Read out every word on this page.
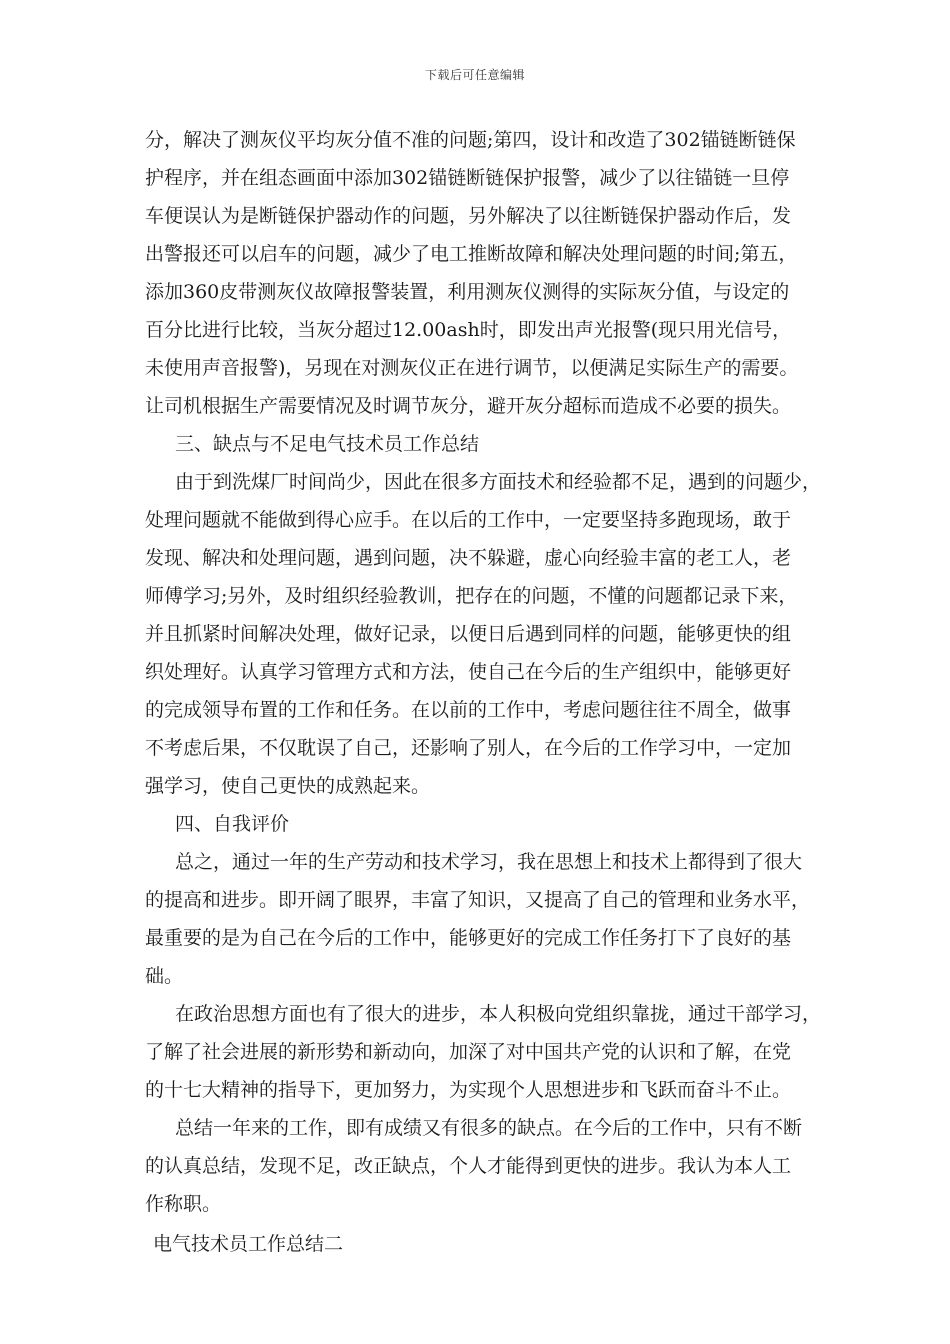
下载后可任意编辑
分，解决了测灰仪平均灰分值不准的问题;第四，设计和改造了302锚链断链保
护程序，并在组态画面中添加302锚链断链保护报警，减少了以往锚链一旦停
车便误认为是断链保护器动作的问题，另外解决了以往断链保护器动作后，发
出警报还可以启车的问题，减少了电工推断故障和解决处理问题的时间;第五，
添加360皮带测灰仪故障报警装置，利用测灰仪测得的实际灰分值，与设定的
百分比进行比较，当灰分超过12.00ash时，即发出声光报警(现只用光信号，
未使用声音报警)，另现在对测灰仪正在进行调节，以便满足实际生产的需要。
让司机根据生产需要情况及时调节灰分，避开灰分超标而造成不必要的损失。
三、缺点与不足电气技术员工作总结
由于到洗煤厂时间尚少，因此在很多方面技术和经验都不足，遇到的问题少，
处理问题就不能做到得心应手。在以后的工作中，一定要坚持多跑现场，敢于
发现、解决和处理问题，遇到问题，决不躲避，虚心向经验丰富的老工人，老
师傅学习;另外，及时组织经验教训，把存在的问题，不懂的问题都记录下来，
并且抓紧时间解决处理，做好记录，以便日后遇到同样的问题，能够更快的组
织处理好。认真学习管理方式和方法，使自己在今后的生产组织中，能够更好
的完成领导布置的工作和任务。在以前的工作中，考虑问题往往不周全，做事
不考虑后果，不仅耽误了自己，还影响了别人，在今后的工作学习中，一定加
强学习，使自己更快的成熟起来。
四、自我评价
总之，通过一年的生产劳动和技术学习，我在思想上和技术上都得到了很大
的提高和进步。即开阔了眼界，丰富了知识，又提高了自己的管理和业务水平，
最重要的是为自己在今后的工作中，能够更好的完成工作任务打下了良好的基
础。
在政治思想方面也有了很大的进步，本人积极向党组织靠拢，通过干部学习，
了解了社会进展的新形势和新动向，加深了对中国共产党的认识和了解，在党
的十七大精神的指导下，更加努力，为实现个人思想进步和飞跃而奋斗不止。
总结一年来的工作，即有成绩又有很多的缺点。在今后的工作中，只有不断
的认真总结，发现不足，改正缺点，个人才能得到更快的进步。我认为本人工
作称职。
电气技术员工作总结二
